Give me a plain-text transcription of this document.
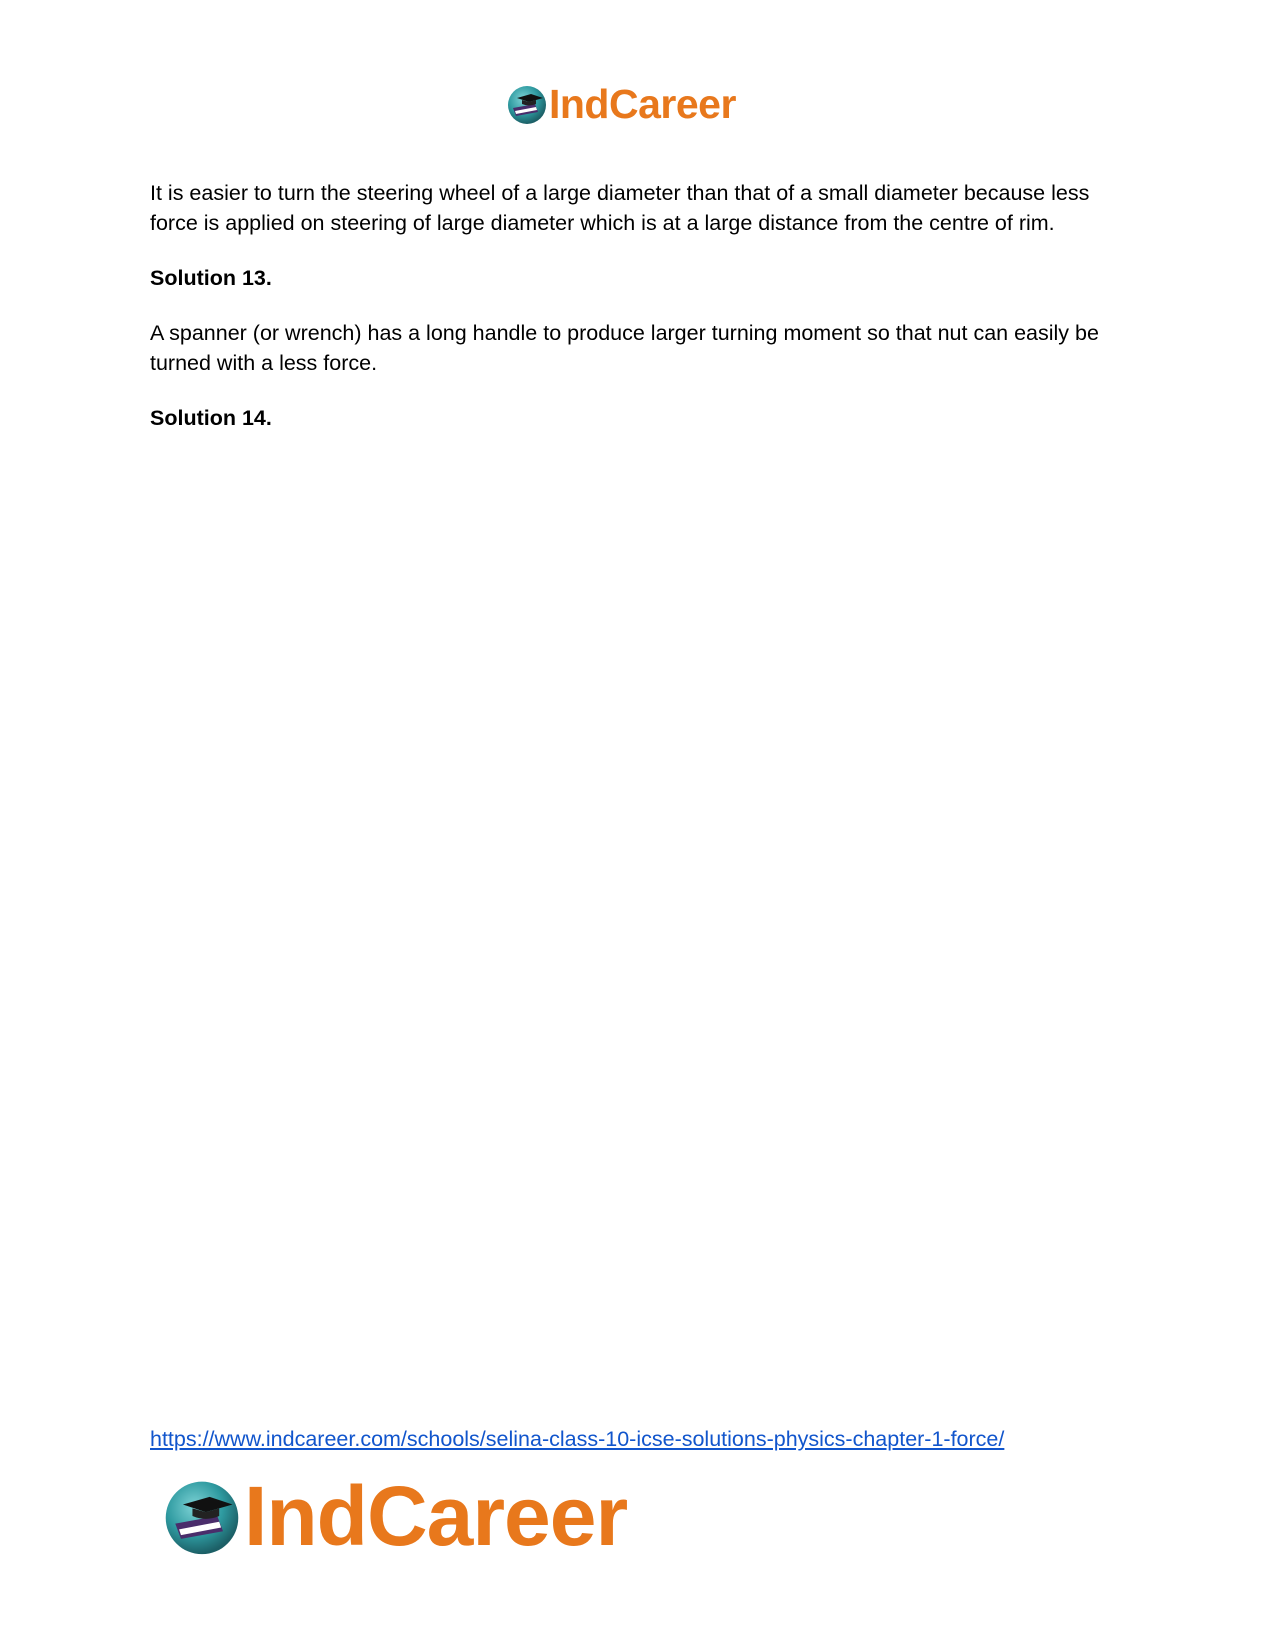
IndCareer

It is easier to turn the steering wheel of a large diameter than that of a small diameter because less force is applied on steering of large diameter which is at a large distance from the centre of rim.

Solution 13.

A spanner (or wrench) has a long handle to produce larger turning moment so that nut can easily be turned with a less force.

Solution 14.

https://www.indcareer.com/schools/selina-class-10-icse-solutions-physics-chapter-1-force/
IndCareer
